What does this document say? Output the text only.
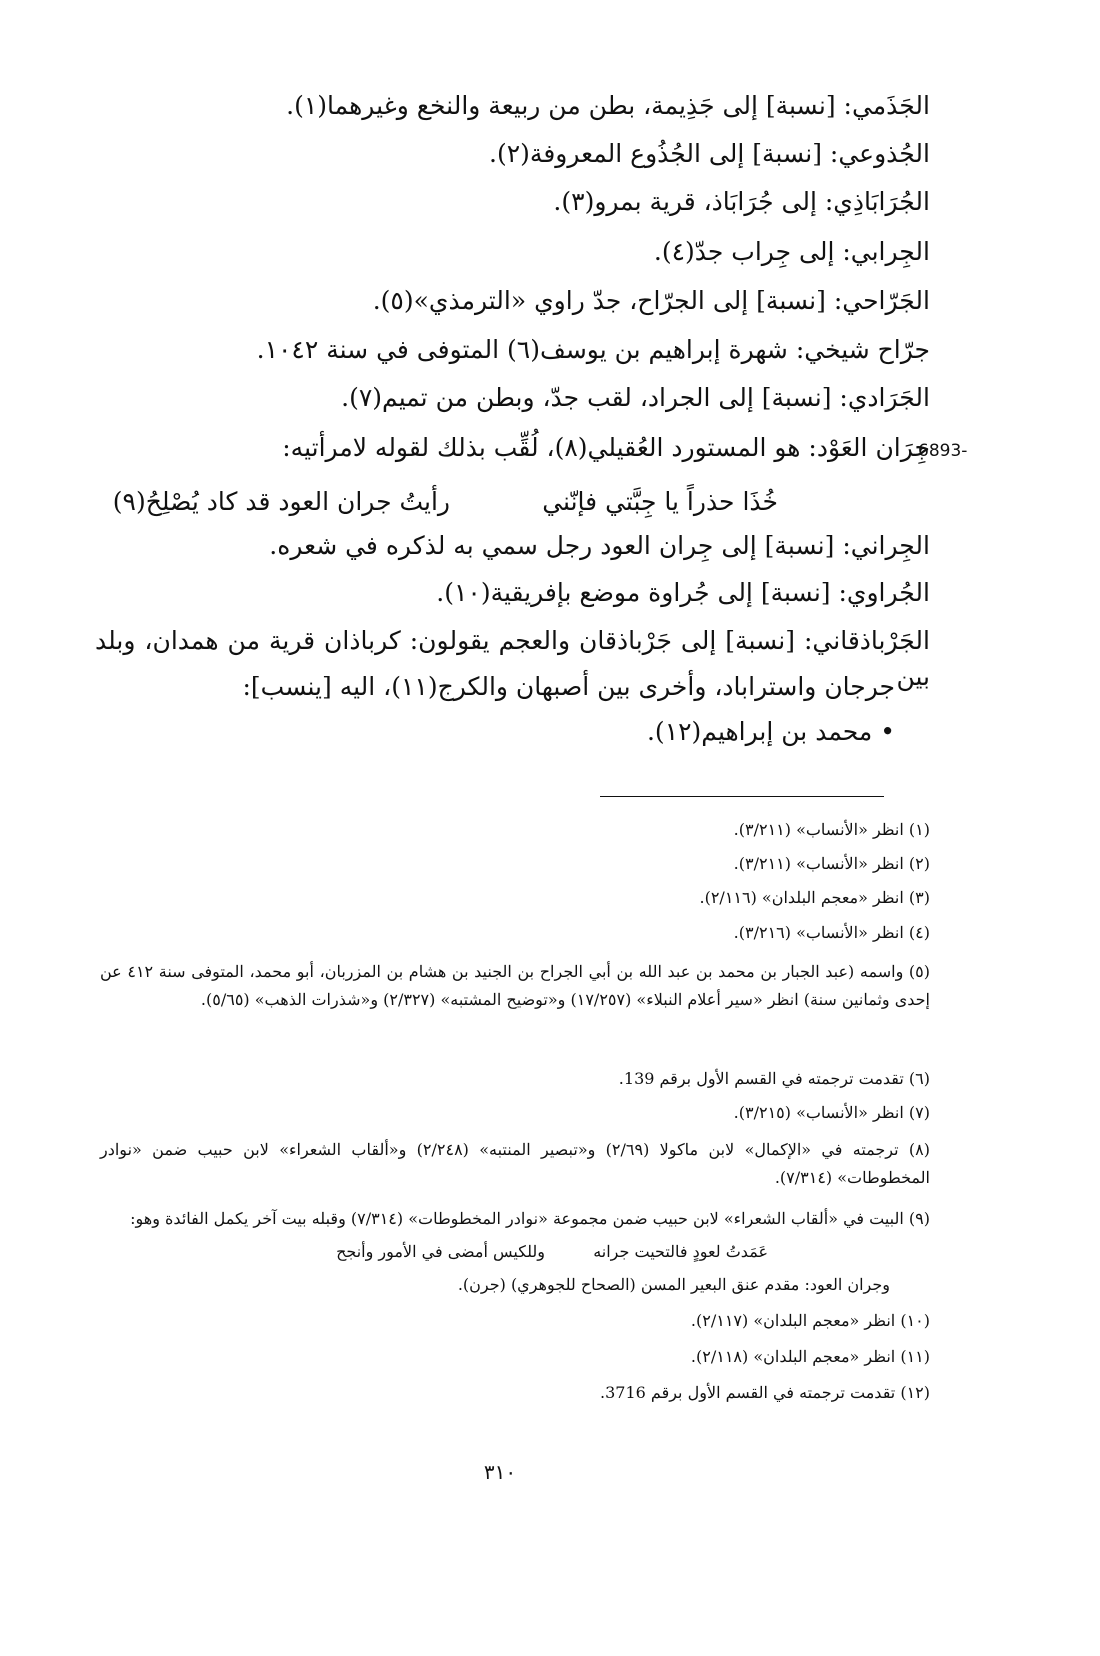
الجَذَمي: [نسبة] إلى جَذِيمة، بطن من ربيعة والنخع وغيرهما(١).
الجُذوعي: [نسبة] إلى الجُذُوع المعروفة(٢).
الجُرَابَاذِي: إلى جُرَابَاذ، قرية بمرو(٣).
الجِرابي: إلى جِراب جدّ(٤).
الجَرّاحي: [نسبة] إلى الجرّاح، جدّ راوي «الترمذي»(٥).
جرّاح شيخي: شهرة إبراهيم بن يوسف(٦) المتوفى في سنة ١٠٤٢.
الجَرَادي: [نسبة] إلى الجراد، لقب جدّ، وبطن من تميم(٧).
جِرَان العَوْد: هو المستورد العُقيلي(٨)، لُقِّب بذلك لقوله لامرأتيه:
6893-
خُذَا حذراً يا جِبَّتي فإنّني
رأيتُ جران العود قد كاد يُصْلِحُ(٩)
الجِراني: [نسبة] إلى جِران العود رجل سمي به لذكره في شعره.
الجُراوي: [نسبة] إلى جُراوة موضع بإفريقية(١٠).
الجَرْباذقاني: [نسبة] إلى جَرْباذقان والعجم يقولون: كرباذان قرية من همدان، وبلد بين
جرجان واستراباد، وأخرى بين أصبهان والكرج(١١)، اليه [ينسب]:
• محمد بن إبراهيم(١٢).
(١) انظر «الأنساب» (٣/٢١١).
(٢) انظر «الأنساب» (٣/٢١١).
(٣) انظر «معجم البلدان» (٢/١١٦).
(٤) انظر «الأنساب» (٣/٢١٦).
(٥) واسمه (عبد الجبار بن محمد بن عبد الله بن أبي الجراح بن الجنيد بن هشام بن المزربان، أبو محمد، المتوفى سنة ٤١٢ عن إحدى وثمانين سنة) انظر «سير أعلام النبلاء» (١٧/٢٥٧) و«توضيح المشتبه» (٢/٣٢٧) و«شذرات الذهب» (٥/٦٥).
(٦) تقدمت ترجمته في القسم الأول برقم 139.
(٧) انظر «الأنساب» (٣/٢١٥).
(٨) ترجمته في «الإكمال» لابن ماكولا (٢/٦٩) و«تبصير المنتبه» (٢/٢٤٨) و«ألقاب الشعراء» لابن حبيب ضمن «نوادر المخطوطات» (٧/٣١٤).
(٩) البيت في «ألقاب الشعراء» لابن حبيب ضمن مجموعة «نوادر المخطوطات» (٧/٣١٤) وقبله بيت آخر يكمل الفائدة وهو:
عَمَدتُ لعودٍ فالتحيت جرانه
وللكيس أمضى في الأمور وأنجح
وجران العود: مقدم عنق البعير المسن (الصحاح للجوهري) (جرن).
(١٠) انظر «معجم البلدان» (٢/١١٧).
(١١) انظر «معجم البلدان» (٢/١١٨).
(١٢) تقدمت ترجمته في القسم الأول برقم 3716.
٣١٠
